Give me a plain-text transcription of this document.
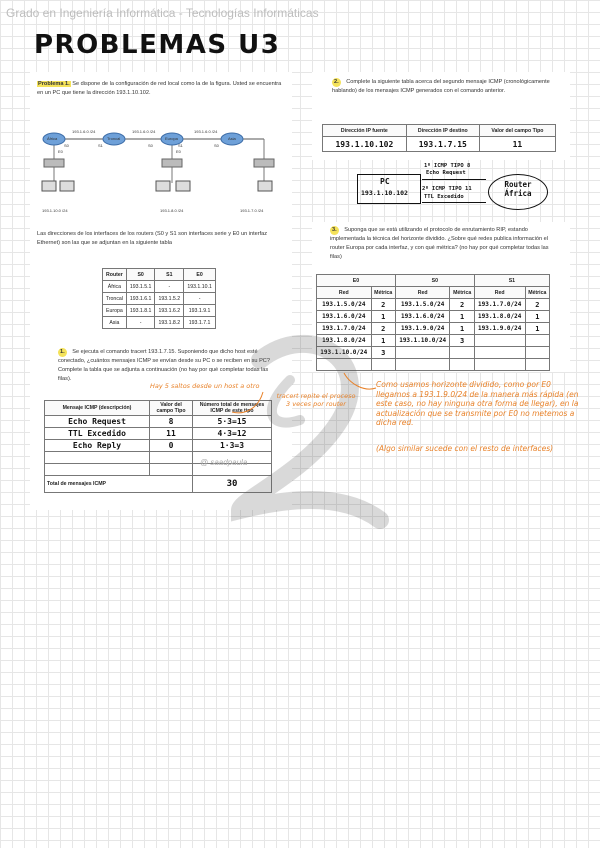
Grado en Ingeniería Informática - Tecnologías Informáticas
PROBLEMAS U3
Problema 1. Se dispone de la configuración de red local como la de la figura. Usted se encuentra en un PC que tiene la dirección 193.1.10.102.
África	Troncal	Europa	Asia
193.1.6.0 /24	193.1.6.0 /24	193.1.6.0 /24
193.1.10.0 /24	193.1.8.0 /24	193.1.7.0 /24
E0
S0	S1	S0	S1
E0
S0
Las direcciones de los interfaces de los routers (S0 y S1 son interfaces serie y E0 un interfaz Ethernet) son las que se adjuntan en la siguiente tabla
Router	S0	S1	E0
África	193.1.5.1	-	193.1.10.1
Troncal	193.1.6.1	193.1.5.2	-
Europa	193.1.8.1	193.1.6.2	193.1.9.1
Asia	-	193.1.8.2	193.1.7.1
1. Se ejecuta el comando tracert 193.1.7.15. Suponiendo que dicho host esté conectado, ¿cuántos mensajes ICMP se envían desde su PC o se reciben en su PC? Complete la tabla que se adjunta a continuación (no hay por qué completar todas las filas).
Mensaje ICMP (descripción)	Valor del campo Tipo	Número total de mensajes ICMP de este tipo
Echo Request	8	5·3=15
TTL Excedido	11	4·3=12
Echo Reply	0	1·3=3

Total de mensajes ICMP		30
2. Complete la siguiente tabla acerca del segundo mensaje ICMP (cronológicamente hablando) de los mensajes ICMP generados con el comando anterior.
Dirección IP fuente	Dirección IP destino	Valor del campo Tipo
193.1.10.102	193.1.7.15	11
PC
193.1.10.102
1º ICMP TIPO 8
Echo Request
2º ICMP TIPO 11
TTL Excedido
Router África
3. Suponga que se está utilizando el protocolo de enrutamiento RIP, estando implementada la técnica del horizonte dividido. ¿Sobre qué redes publica información el router Europa por cada interfaz, y con qué métrica? (no hay por qué completar todas las filas)
E0		S0		S1	
Red	Métrica	Red	Métrica	Red	Métrica
193.1.5.0/24	2	193.1.5.0/24	2	193.1.7.0/24	2
193.1.6.0/24	1	193.1.6.0/24	1	193.1.8.0/24	1
193.1.7.0/24	2	193.1.9.0/24	1	193.1.9.0/24	1
193.1.8.0/24	1	193.1.10.0/24	3		
193.1.10.0/24	3				

@ saadpaula
Hay 5 saltos desde un host a otro
tracert repite el proceso 3 veces por router
Como usamos horizonte dividido, como por E0 llegamos a 193.1.9.0/24 de la manera más rápida (en este caso, no hay ninguna otra forma de llegar), en la actualización que se transmite por E0 no metemos a dicha red.
(Algo similar sucede con el resto de interfaces)
